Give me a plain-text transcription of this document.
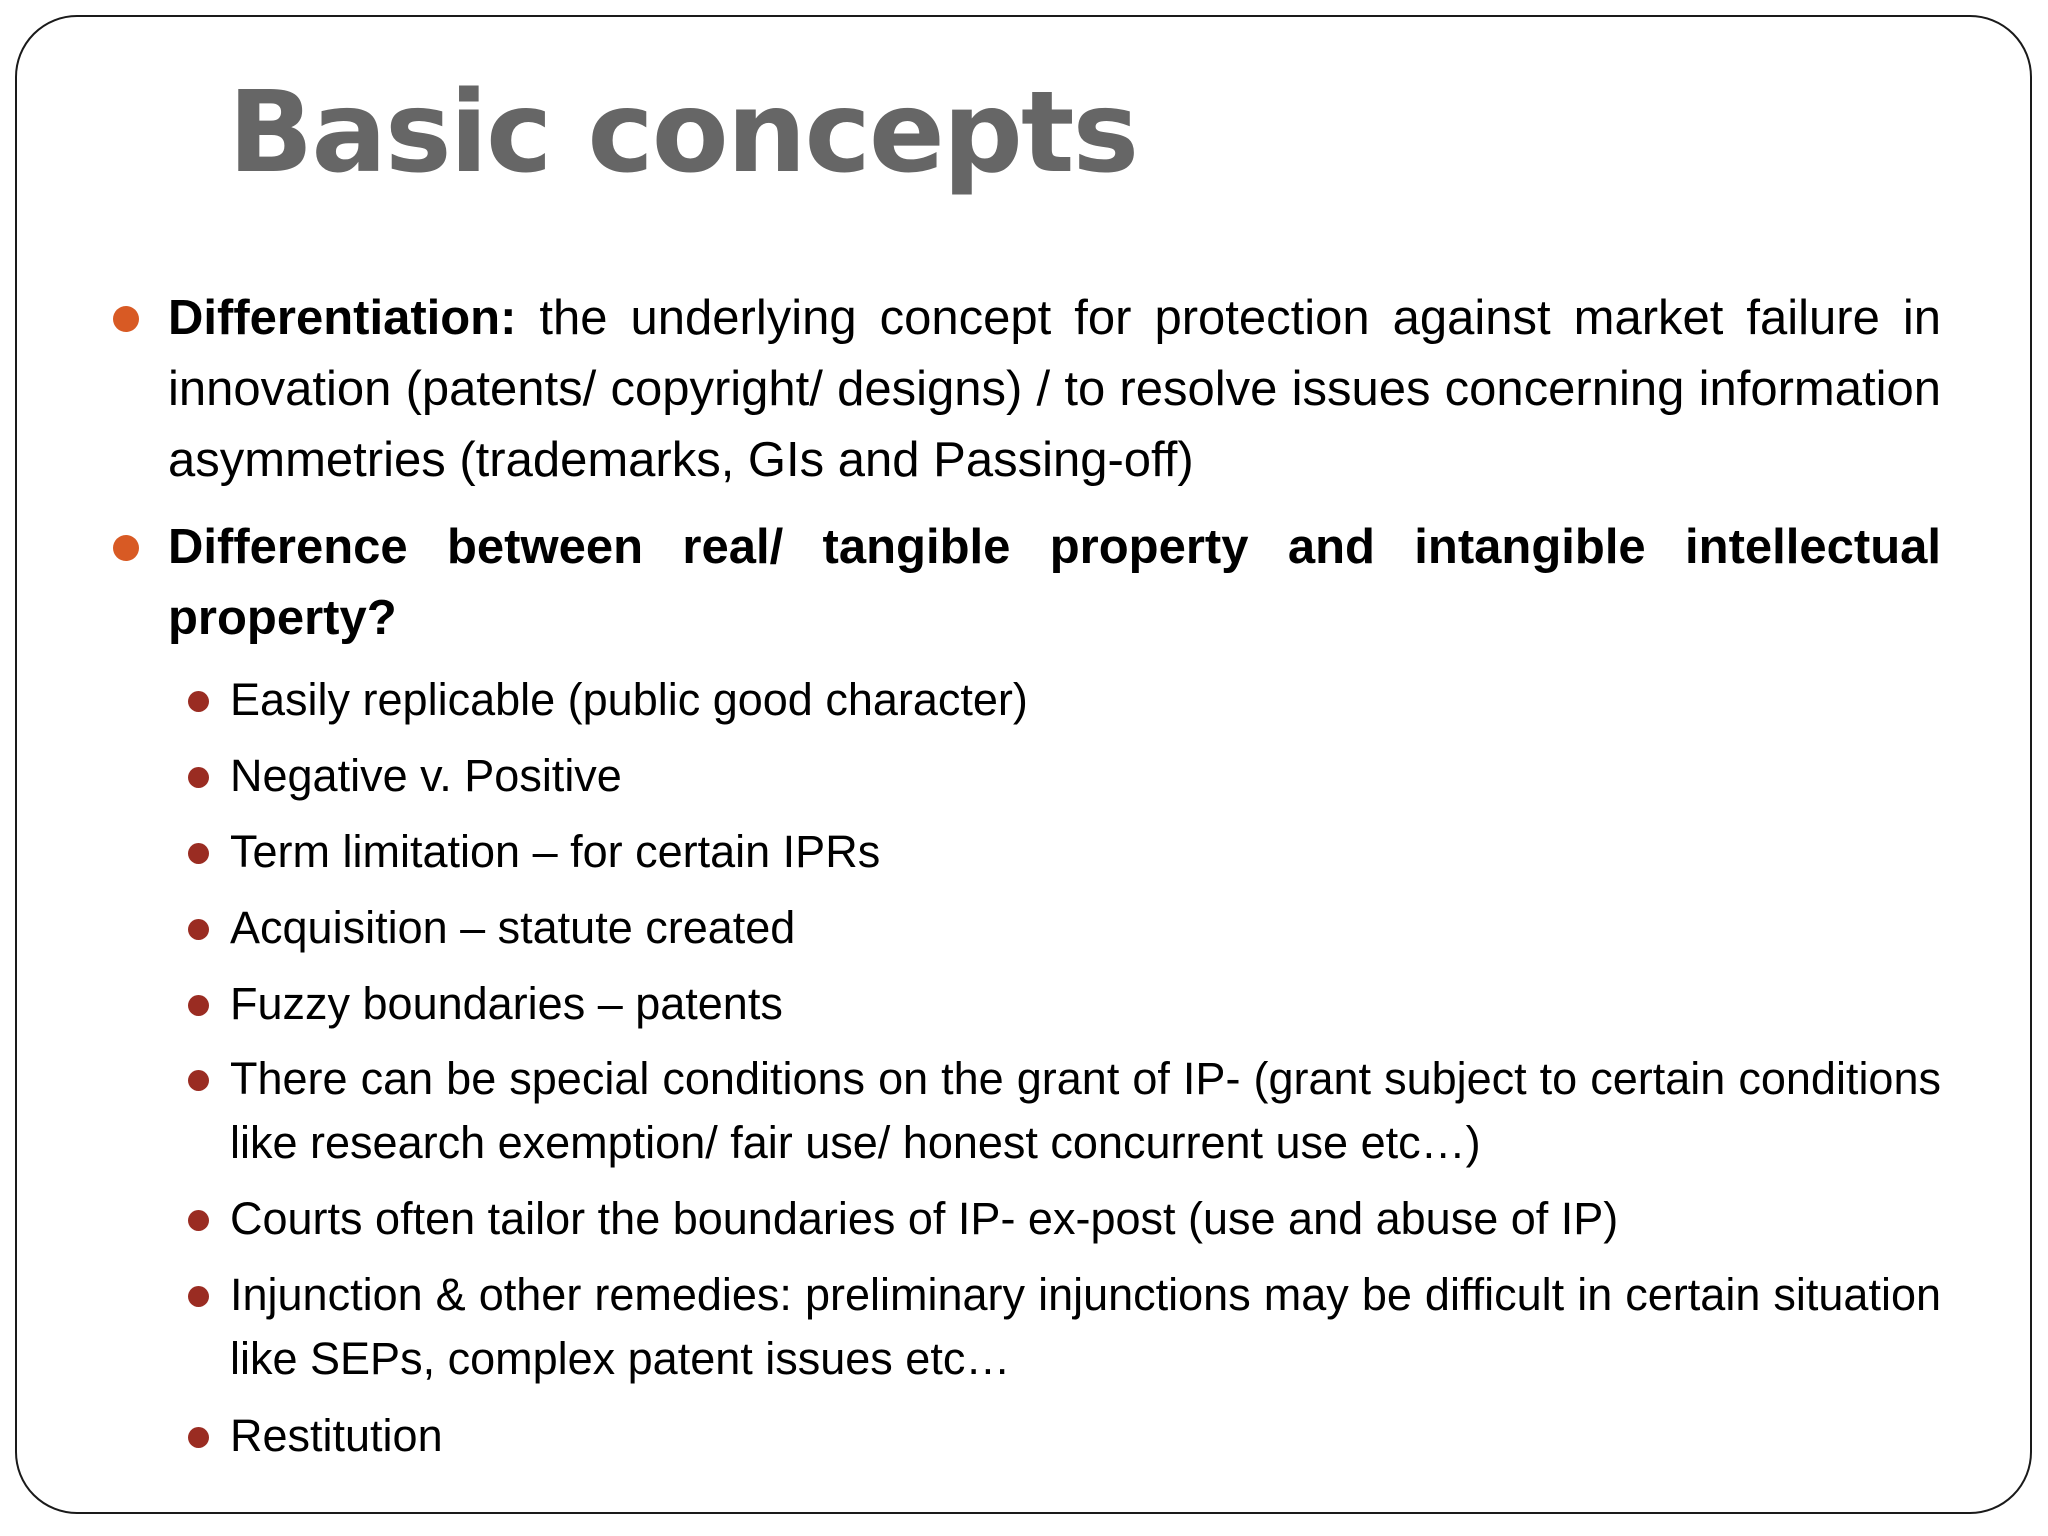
Basic concepts
Differentiation: the underlying concept for protection against market failure in innovation (patents/ copyright/ designs) / to resolve issues concerning information asymmetries (trademarks, GIs and Passing-off)
Difference between real/ tangible property and intangible intellectual property?
Easily replicable (public good character)
Negative v. Positive
Term limitation – for certain IPRs
Acquisition – statute created
Fuzzy boundaries – patents
There can be special conditions on the grant of IP- (grant subject to certain conditions like research exemption/ fair use/ honest concurrent use etc…)
Courts often tailor the boundaries of IP- ex-post (use and abuse of IP)
Injunction & other remedies: preliminary injunctions may be difficult in certain situation like SEPs, complex patent issues etc…
Restitution
